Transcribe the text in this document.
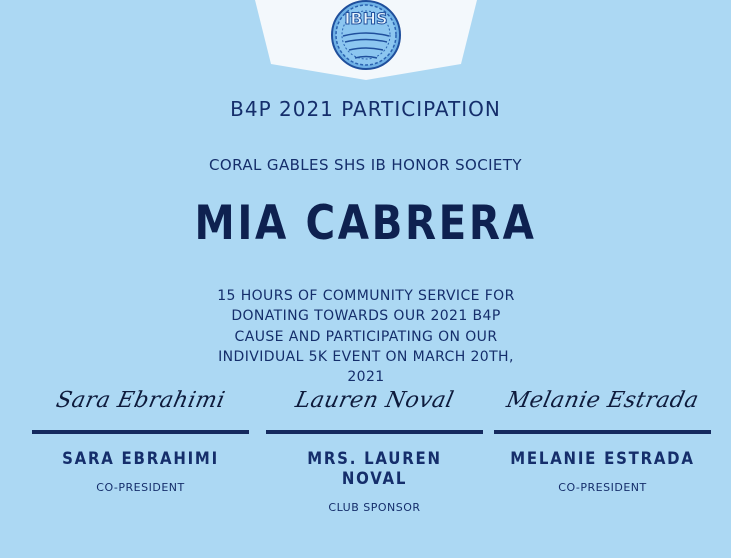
IBHS
B4P 2021 PARTICIPATION
CORAL GABLES SHS IB HONOR SOCIETY
MIA CABRERA
15 HOURS OF COMMUNITY SERVICE FOR DONATING TOWARDS OUR 2021 B4P CAUSE AND PARTICIPATING ON OUR INDIVIDUAL 5K EVENT ON MARCH 20TH, 2021
Sara Ebrahimi
SARA EBRAHIMI
CO-PRESIDENT
Lauren Noval
MRS. LAUREN NOVAL
CLUB SPONSOR
Melanie Estrada
MELANIE ESTRADA
CO-PRESIDENT
